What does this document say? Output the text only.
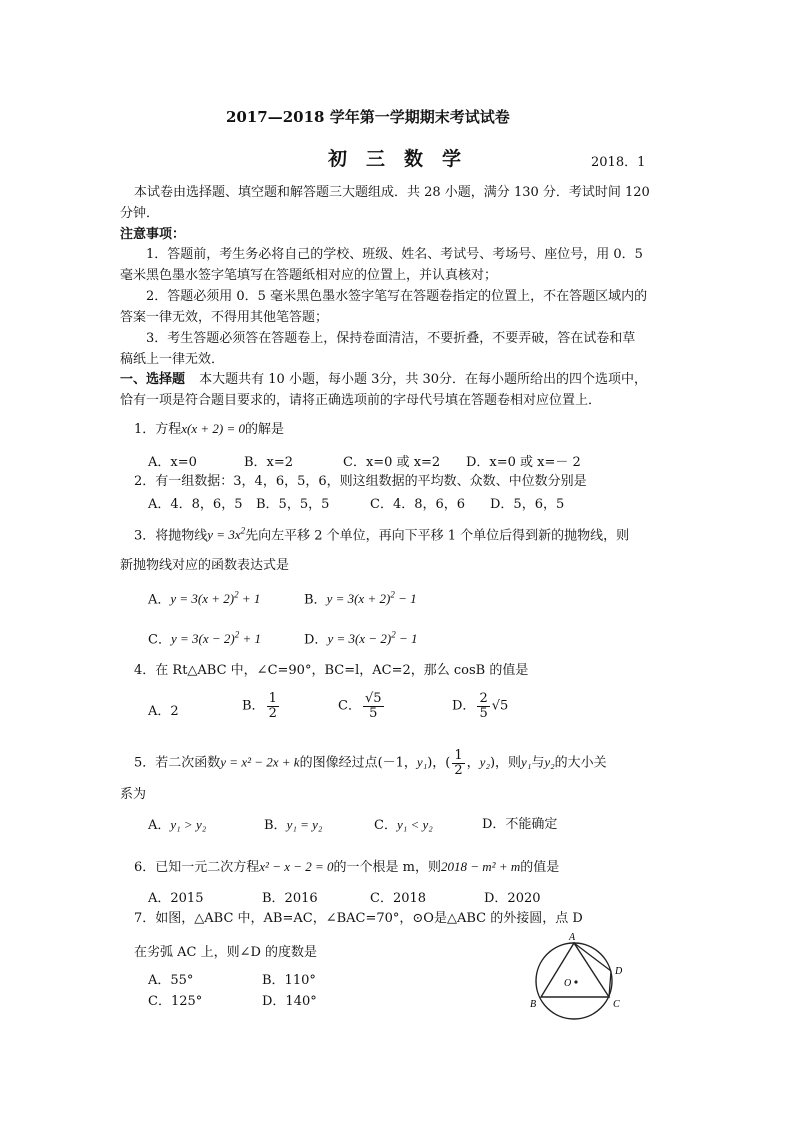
2017—2018 学年第一学期期末考试试卷
初　三　数　学	2018．1
本试卷由选择题、填空题和解答题三大题组成．共 28 小题，满分 130 分．考试时间 120
分钟．
注意事项：
1．答题前，考生务必将自己的学校、班级、姓名、考试号、考场号、座位号，用 0．5
毫米黑色墨水签字笔填写在答题纸相对应的位置上，并认真核对；
2．答题必须用 0．5 毫米黑色墨水签字笔写在答题卷指定的位置上，不在答题区域内的
答案一律无效，不得用其他笔答题；
3．考生答题必须答在答题卷上，保持卷面清洁，不要折叠，不要弄破，答在试卷和草
稿纸上一律无效．
一、选择题 本大题共有 10 小题，每小题 3分，共 30分．在每小题所给出的四个选项中，
恰有一项是符合题目要求的，请将正确选项前的字母代号填在答题卷相对应位置上．
1．方程x(x + 2) = 0的解是
A．x=0	B．x=2	C．x=0 或 x=2 D．x=0 或 x=－ 2
2．有一组数据：3，4，6，5，6，则这组数据的平均数、众数、中位数分别是
A．4．8，6，5 B．5，5，5	C．4．8，6，6 D．5，6，5
3．将抛物线$y = 3x^2$先向左平移 2 个单位，再向下平移 1 个单位后得到新的抛物线，则
新抛物线对应的函数表达式是
A．$y = 3(x + 2)^2 + 1$	B．$y = 3(x + 2)^2 - 1$
C．$y = 3(x - 2)^2 + 1$	D．$y = 3(x - 2)^2 - 1$
4．在 Rt△ABC 中，∠C=90°，BC=l，AC=2，那么 cosB 的值是
A．2	B． $\frac{1}{2}$	C． $\frac{√5}{5}$	D． $\frac{2}{5} √5$
5．若二次函数y = x² − 2x + k的图像经过点(－1，y₁)，( $\frac{1}{2}$ ，y₂)，则y₁与y₂的大小关
系为
A．y₁ > y₂	B．y₁ = y₂	C．y₁ < y₂	D．不能确定
6．已知一元二次方程x² − x − 2 = 0的一个根是 m，则2018 − m² + m的值是
A．2015	B．2016	C．2018	D．2020
7．如图，△ABC 中，AB=AC，∠BAC=70°，⊙O是△ABC 的外接圆，点 D
在劣弧 AC 上，则∠D 的度数是
A．55°	B．110°
C．125°	D．140°
A
B	C
D
O
